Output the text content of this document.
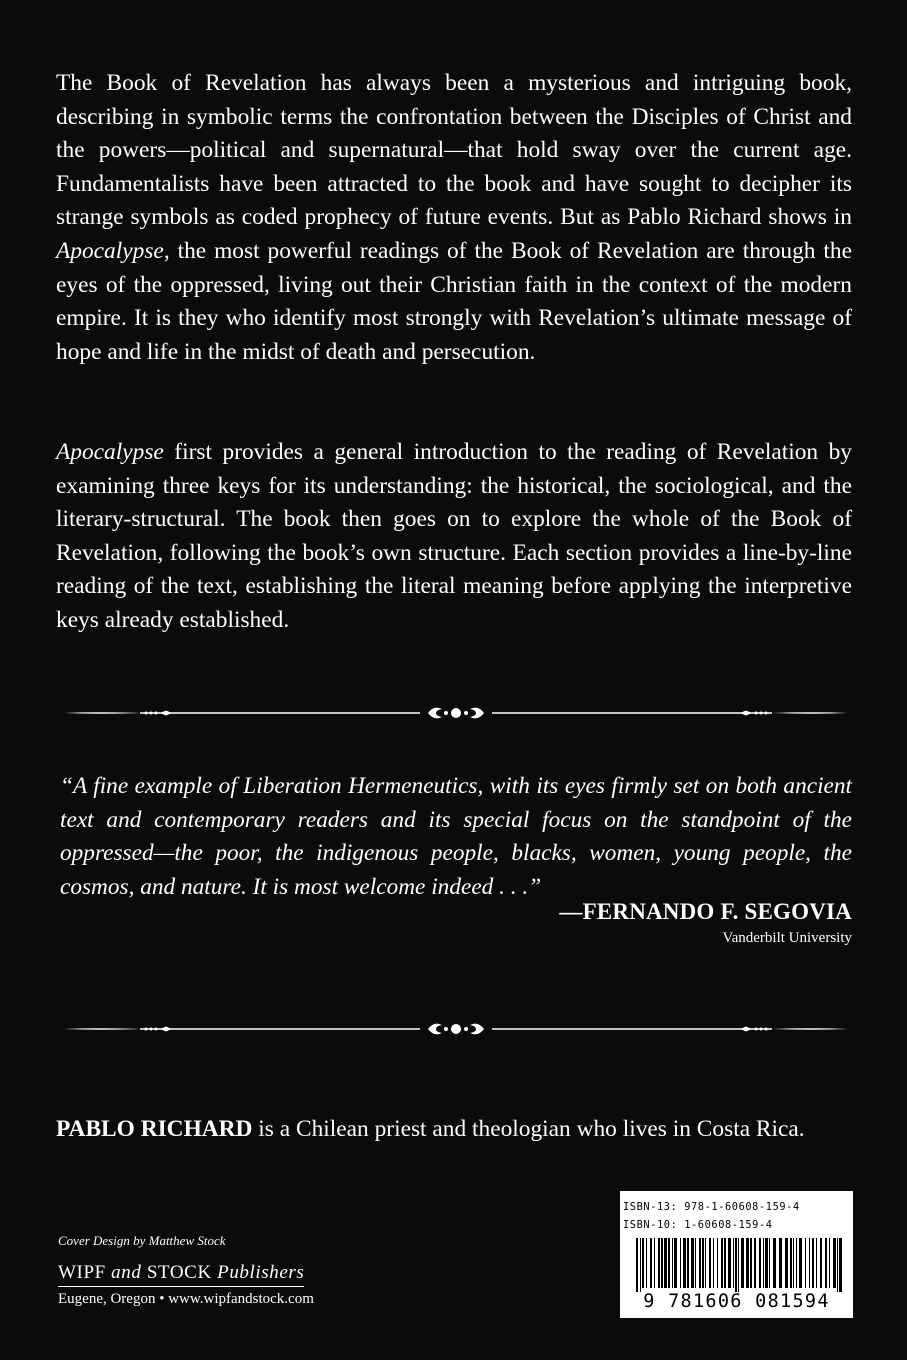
The Book of Revelation has always been a mysterious and intriguing book, describing in symbolic terms the confrontation between the Disciples of Christ and the powers—political and supernatural—that hold sway over the current age. Fundamentalists have been attracted to the book and have sought to decipher its strange symbols as coded prophecy of future events. But as Pablo Richard shows in Apocalypse, the most powerful readings of the Book of Revelation are through the eyes of the oppressed, living out their Christian faith in the context of the modern empire. It is they who identify most strongly with Revelation’s ultimate message of hope and life in the midst of death and persecution.

Apocalypse first provides a general introduction to the reading of Revelation by examining three keys for its understanding: the historical, the sociological, and the literary-structural. The book then goes on to explore the whole of the Book of Revelation, following the book’s own structure. Each section provides a line-by-line reading of the text, establishing the literal meaning before applying the interpretive keys already established.

“A fine example of Liberation Hermeneutics, with its eyes firmly set on both ancient text and contemporary readers and its special focus on the standpoint of the oppressed—the poor, the indigenous people, blacks, women, young people, the cosmos, and nature. It is most welcome indeed . . .”
—FERNANDO F. SEGOVIA
Vanderbilt University
PABLO RICHARD is a Chilean priest and theologian who lives in Costa Rica.
Cover Design by Matthew Stock
WIPF and STOCK Publishers
Eugene, Oregon • www.wipfandstock.com
ISBN-13: 978-1-60608-159-4
ISBN-10: 1-60608-159-4
9 781606 081594
